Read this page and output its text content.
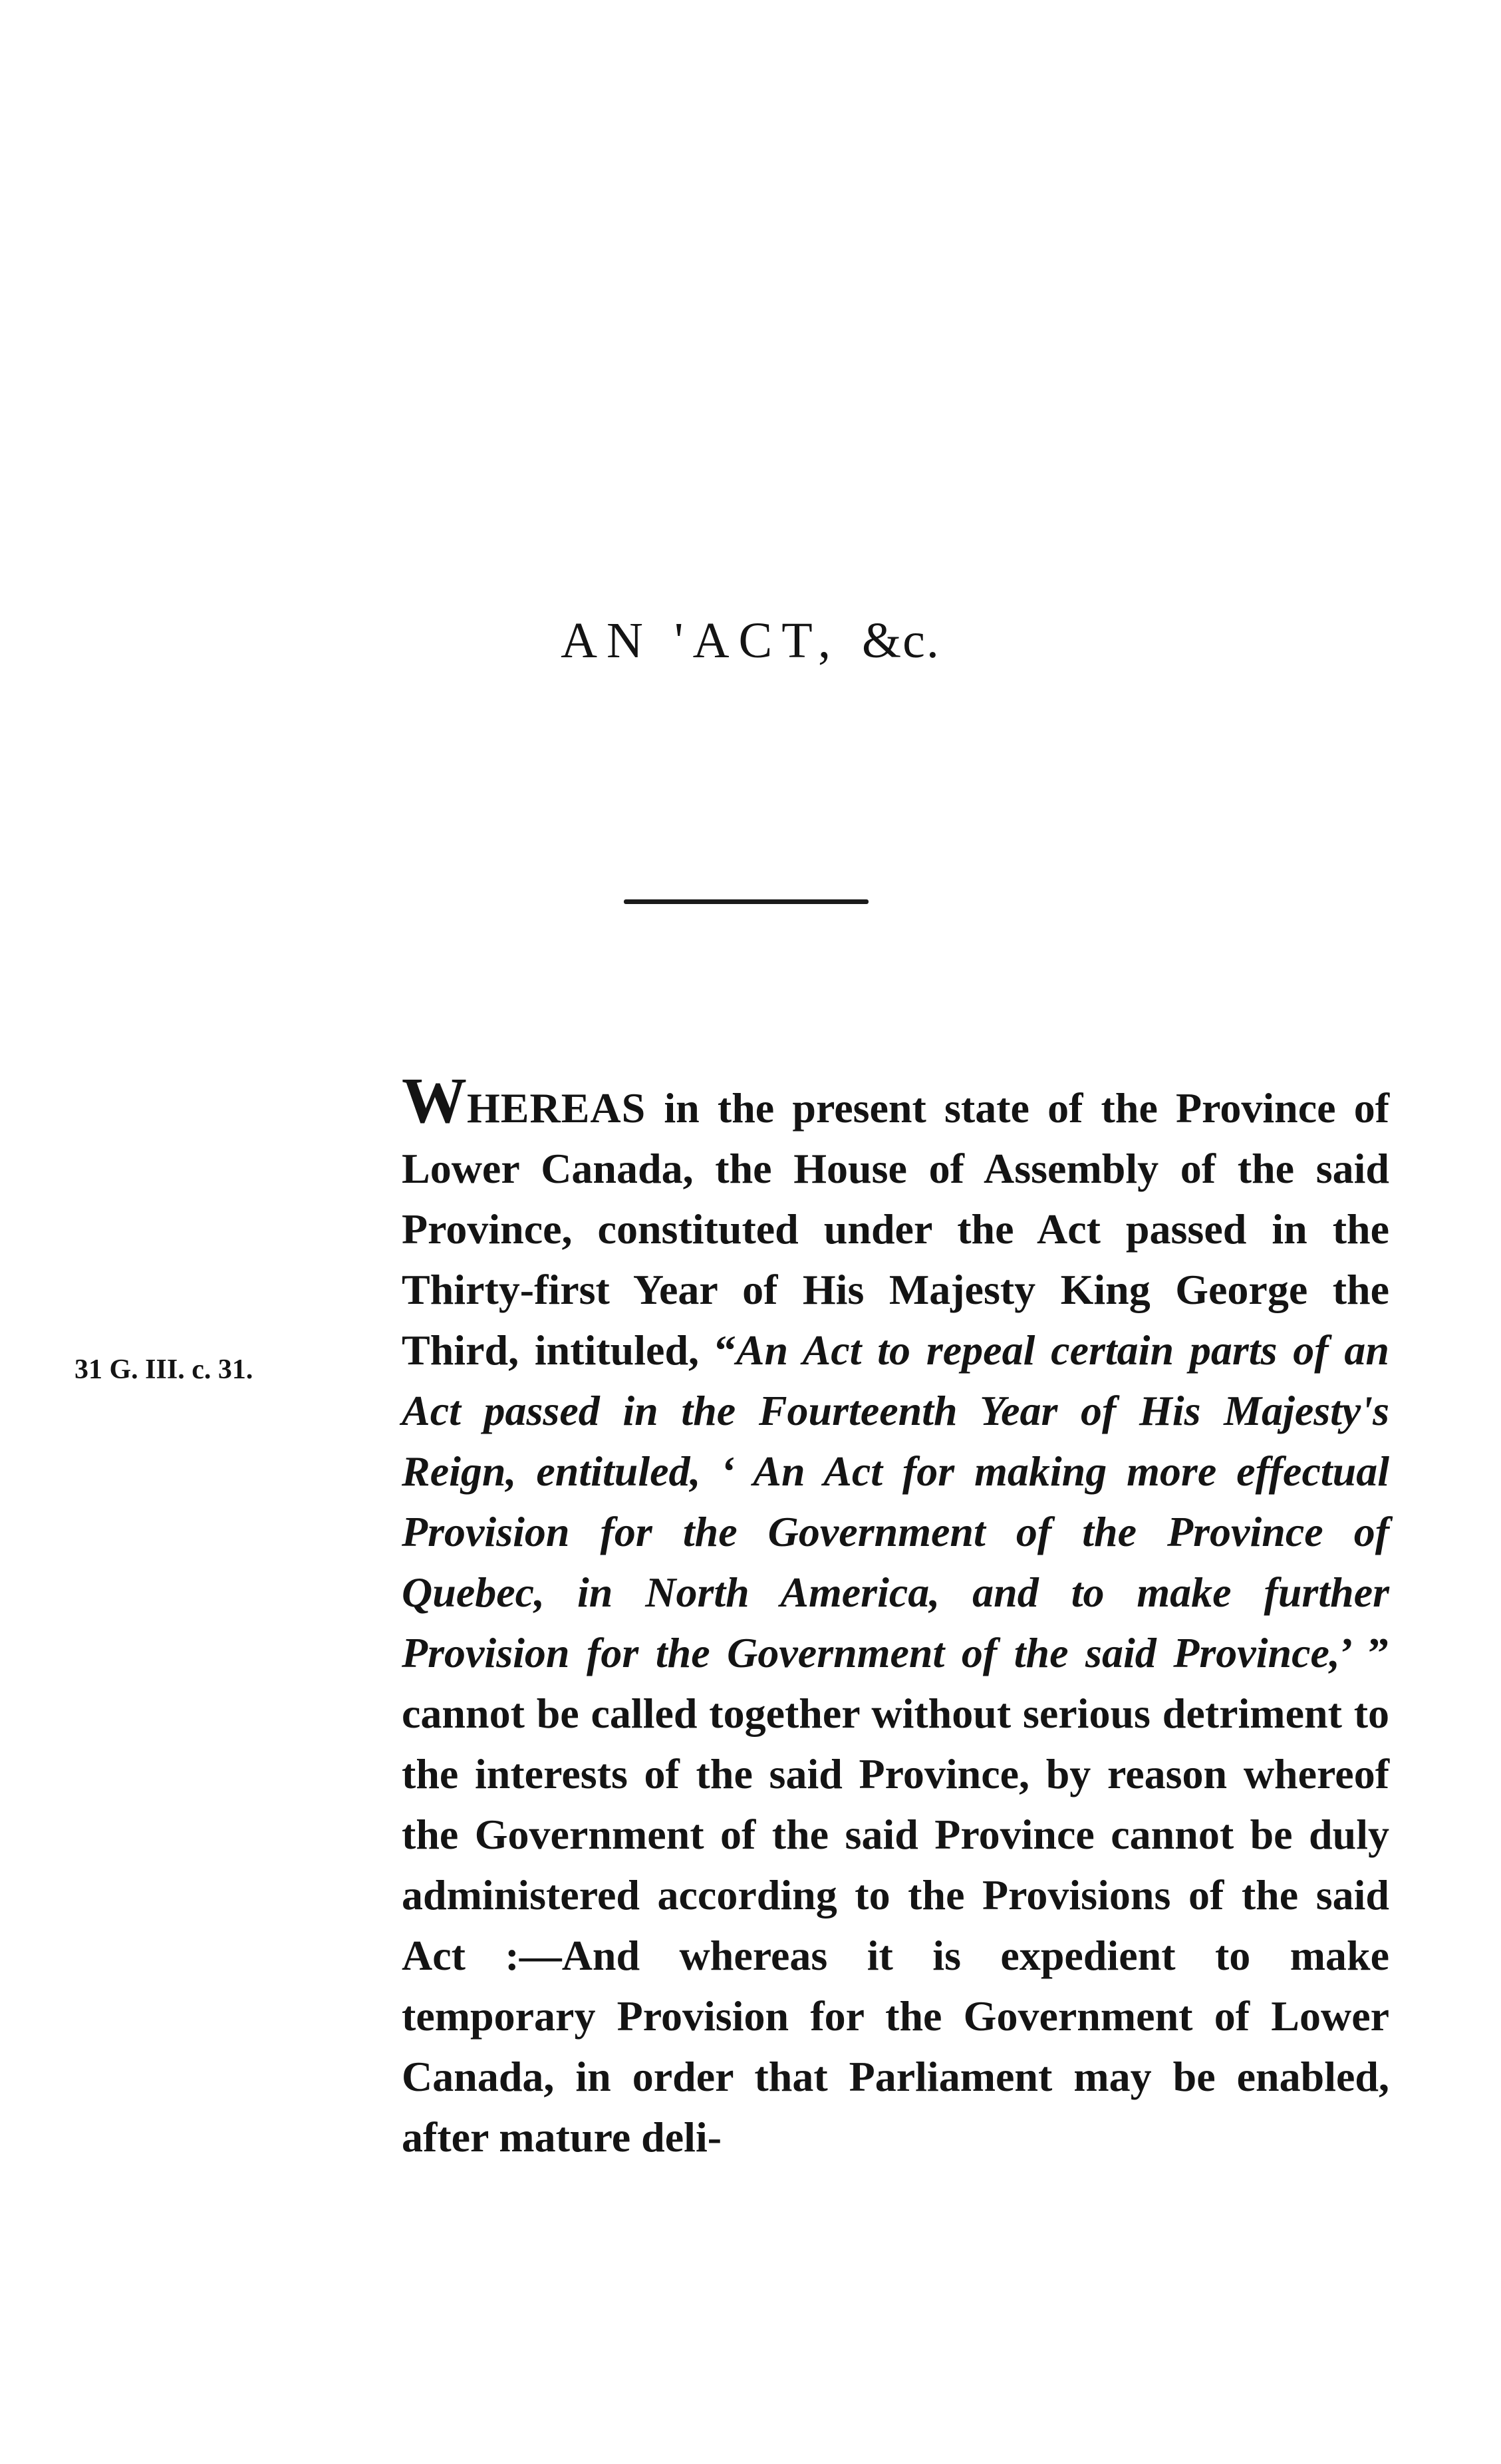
AN 'ACT, &c.

31 G. III. c. 31.

WHEREAS in the present state of the Province of Lower Canada, the House of Assembly of the said Province, constituted under the Act passed in the Thirty-first Year of His Majesty King George the Third, intituled, “An Act to repeal certain parts of an Act passed in the Fourteenth Year of His Majesty's Reign, entituled, ‘ An Act for making more effectual Provision for the Government of the Province of Quebec, in North America, and to make further Provision for the Government of the said Province,’ ” cannot be called together without serious detriment to the interests of the said Province, by reason whereof the Government of the said Province cannot be duly administered according to the Provisions of the said Act :—And whereas it is expedient to make temporary Provision for the Government of Lower Canada, in order that Parliament may be enabled, after mature deli-
